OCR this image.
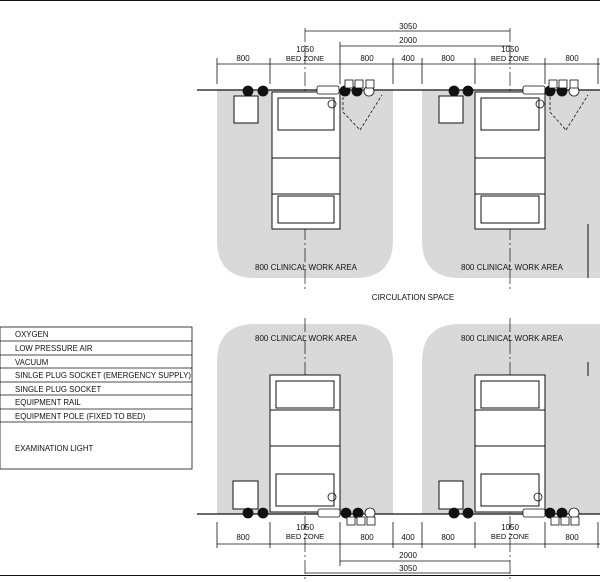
3050
2000
800
1050
BED ZONE	800	400	800
1050
BED ZONE	800
1050
BED ZONE
1050
BED ZONE
800	800	400	800	800
2000
3050
800 CLINICAL WORK AREA	800 CLINICAL WORK AREA
CIRCULATION SPACE
800 CLINICAL WORK AREA	800 CLINICAL WORK AREA
OXYGEN
LOW PRESSURE AIR
VACUUM
SINLGE PLUG SOCKET (EMERGENCY SUPPLY)
SINGLE PLUG SOCKET
EQUIPMENT RAIL
EQUIPMENT POLE (FIXED TO BED)
EXAMINATION LIGHT
